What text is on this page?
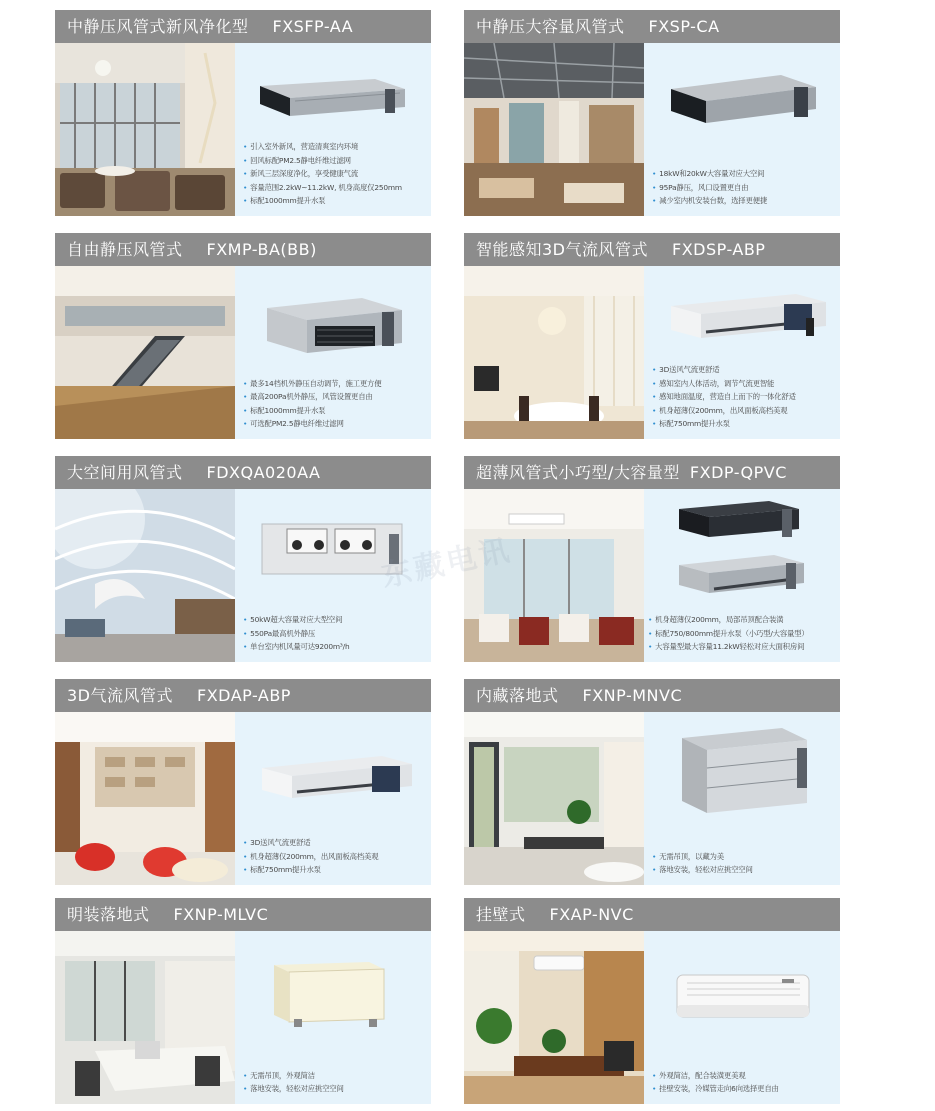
中静压风管式新风净化型 FXSFP-AA
• 引入室外新风，营造清爽室内环境
• 回风标配PM2.5静电纤维过滤网
• 新风三层深度净化，享受健康气流
• 容量范围2.2kW~11.2kW, 机身高度仅250mm
• 标配1000mm提升水泵
中静压大容量风管式 FXSP-CA
• 18kW和20kW大容量对应大空间
• 95Pa静压，风口设置更自由
• 减少室内机安装台数，选择更便捷
自由静压风管式 FXMP-BA(BB)
• 最多14档机外静压自动调节，施工更方便
• 最高200Pa机外静压，风管设置更自由
• 标配1000mm提升水泵
• 可选配PM2.5静电纤维过滤网
智能感知3D气流风管式 FXDSP-ABP
• 3D送风气流更舒适
• 感知室内人体活动，调节气流更智能
• 感知地面温度，营造自上而下的一体化舒适
• 机身超薄仅200mm，出风面板高档美观
• 标配750mm提升水泵
大空间用风管式 FDXQA020AA
• 50kW超大容量对应大型空间
• 550Pa最高机外静压
• 单台室内机风量可达9200m³/h
超薄风管式小巧型/大容量型 FXDP-QPVC
• 机身超薄仅200mm，局部吊顶配合装潢
• 标配750/800mm提升水泵（小巧型/大容量型）
• 大容量型最大容量11.2kW轻松对应大面积房间
3D气流风管式 FXDAP-ABP
• 3D送风气流更舒适
• 机身超薄仅200mm，出风面板高档美观
• 标配750mm提升水泵
内藏落地式 FXNP-MNVC
• 无需吊顶，以藏为美
• 落地安装，轻松对应挑空空间
明装落地式 FXNP-MLVC
• 无需吊顶，外观简洁
• 落地安装，轻松对应挑空空间
挂壁式 FXAP-NVC
• 外观简洁，配合装潢更美观
• 挂壁安装，冷媒管走向6向选择更自由
东藏电讯
